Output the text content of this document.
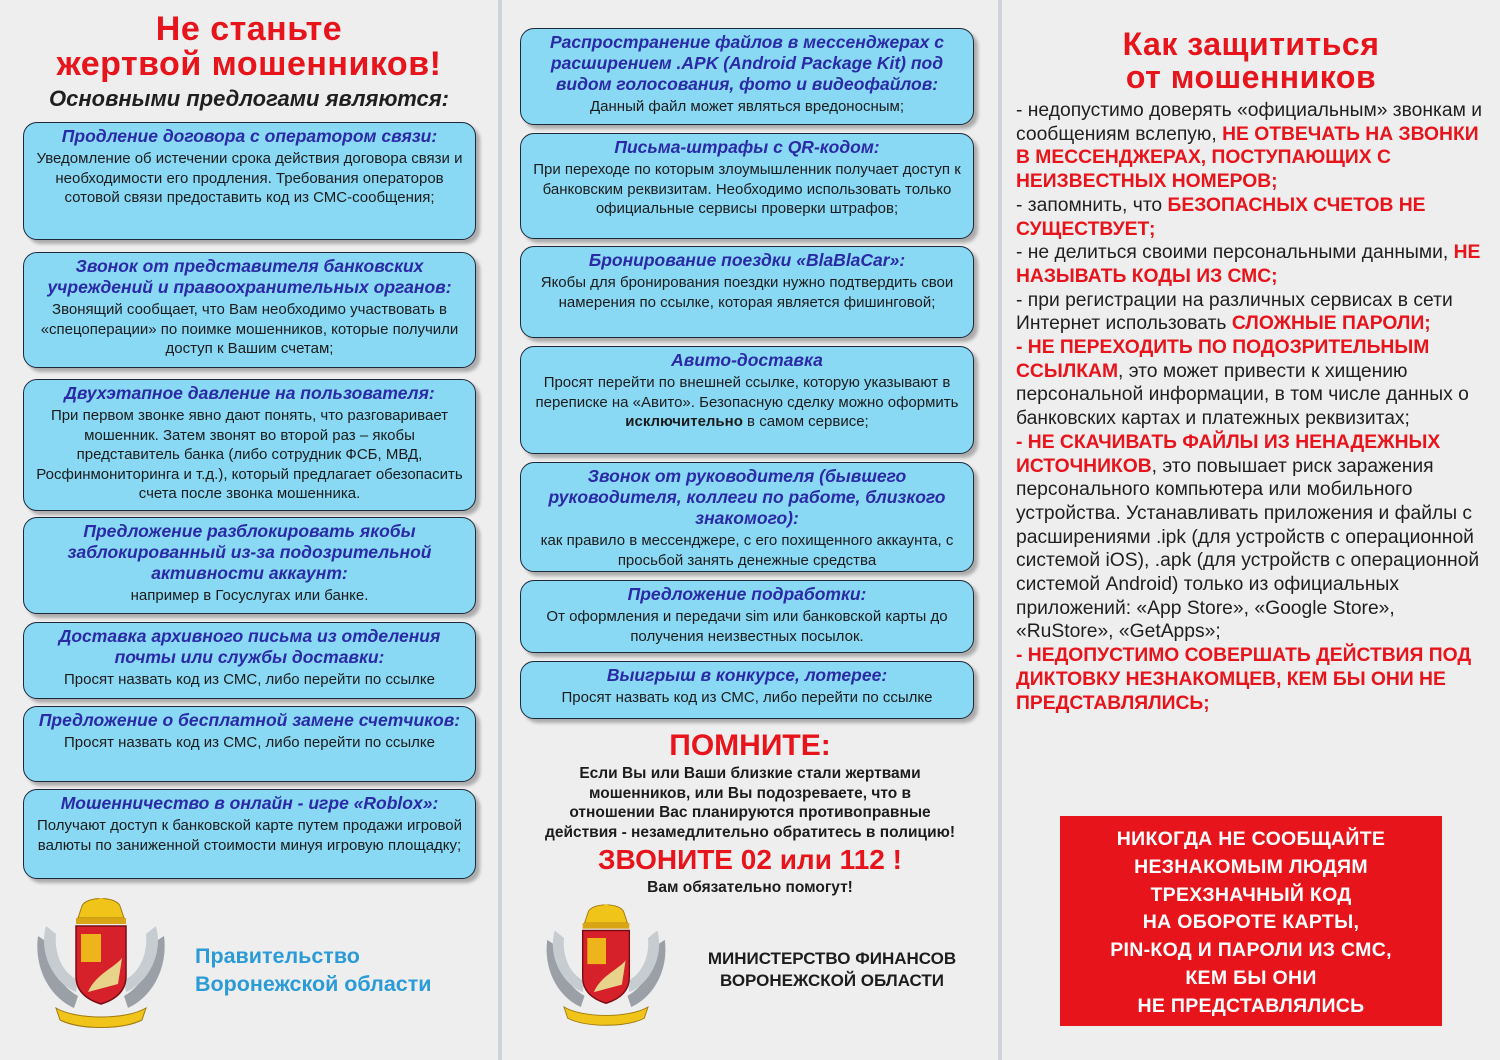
Не станьте
жертвой мошенников!
Основными предлогами являются:
Продление договора с оператором связи:
Уведомление об истечении срока действия договора связи и необходимости его продления. Требования операторов сотовой связи предоставить код из СМС-сообщения;
Звонок от представителя банковских учреждений и правоохранительных органов:
Звонящий сообщает, что Вам необходимо участвовать в «спецоперации» по поимке мошенников, которые получили доступ к Вашим счетам;
Двухэтапное давление на пользователя:
При первом звонке явно дают понять, что разговаривает мошенник. Затем звонят во второй раз – якобы представитель банка (либо сотрудник ФСБ, МВД, Росфинмониторинга и т.д.), который предлагает обезопасить счета после звонка мошенника.
Предложение разблокировать якобы заблокированный из-за подозрительной активности аккаунт:
например в Госуслугах или банке.
Доставка архивного письма из отделения почты или службы доставки:
Просят назвать код из СМС, либо перейти по ссылке
Предложение о бесплатной замене счетчиков:
Просят назвать код из СМС, либо перейти по ссылке
Мошенничество в онлайн - игре «Roblox»:
Получают доступ к банковской карте путем продажи игровой валюты по заниженной стоимости минуя игровую площадку;
Правительство
Воронежской области
Распространение файлов в мессенджерах с расширением .APK (Android Package Kit) под видом голосования, фото и видеофайлов:
Данный файл может являться вредоносным;
Письма-штрафы с QR-кодом:
При переходе по которым злоумышленник получает доступ к банковским реквизитам. Необходимо использовать только официальные сервисы проверки штрафов;
Бронирование поездки «BlaBlaCar»:
Якобы для бронирования поездки нужно подтвердить свои намерения по ссылке, которая является фишинговой;
Авито-доставка
Просят перейти по внешней ссылке, которую указывают в переписке на «Авито». Безопасную сделку можно оформить исключительно в самом сервисе;
Звонок от руководителя (бывшего руководителя, коллеги по работе, близкого знакомого):
как правило в мессенджере, с его похищенного аккаунта, с просьбой занять денежные средства
Предложение подработки:
От оформления и передачи sim или банковской карты до получения неизвестных посылок.
Выигрыш в конкурсе, лотерее:
Просят назвать код из СМС, либо перейти по ссылке
ПОМНИТЕ:
Если Вы или Ваши близкие стали жертвами
мошенников, или Вы подозреваете, что в
отношении Вас планируются противоправные
действия - незамедлительно обратитесь в полицию!
ЗВОНИТЕ 02 или 112 !
Вам обязательно помогут!
МИНИСТЕРСТВО ФИНАНСОВ
ВОРОНЕЖСКОЙ ОБЛАСТИ
Как защититься
от мошенников
- недопустимо доверять «официальным» звонкам и сообщениям вслепую, НЕ ОТВЕЧАТЬ НА ЗВОНКИ В МЕССЕНДЖЕРАХ, ПОСТУПАЮЩИХ С НЕИЗВЕСТНЫХ НОМЕРОВ;
- запомнить, что БЕЗОПАСНЫХ СЧЕТОВ НЕ СУЩЕСТВУЕТ;
- не делиться своими персональными данными, НЕ НАЗЫВАТЬ КОДЫ ИЗ СМС;
- при регистрации на различных сервисах в сети Интернет использовать СЛОЖНЫЕ ПАРОЛИ;
- НЕ ПЕРЕХОДИТЬ ПО ПОДОЗРИТЕЛЬНЫМ ССЫЛКАМ, это может привести к хищению персональной информации, в том числе данных о банковских картах и платежных реквизитах;
- НЕ СКАЧИВАТЬ ФАЙЛЫ ИЗ НЕНАДЕЖНЫХ ИСТОЧНИКОВ, это повышает риск заражения персонального компьютера или мобильного устройства. Устанавливать приложения и файлы с расширениями .ipk (для устройств с операционной системой iOS), .apk (для устройств с операционной системой Android) только из официальных приложений: «App Store», «Google Store», «RuStore», «GetApps»;
- НЕДОПУСТИМО СОВЕРШАТЬ ДЕЙСТВИЯ ПОД ДИКТОВКУ НЕЗНАКОМЦЕВ, КЕМ БЫ ОНИ НЕ ПРЕДСТАВЛЯЛИСЬ;
НИКОГДА НЕ СООБЩАЙТЕ
НЕЗНАКОМЫМ ЛЮДЯМ
ТРЕХЗНАЧНЫЙ КОД
НА ОБОРОТЕ КАРТЫ,
PIN-КОД И ПАРОЛИ ИЗ СМС,
КЕМ БЫ ОНИ
НЕ ПРЕДСТАВЛЯЛИСЬ
